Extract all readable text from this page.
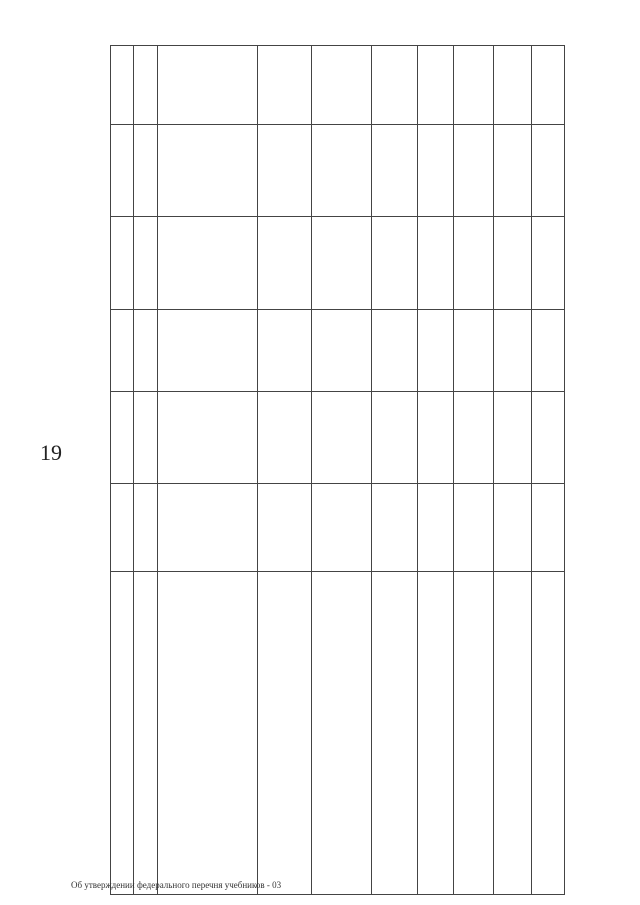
19
Об утверждении федерального перечня учебников - 03
